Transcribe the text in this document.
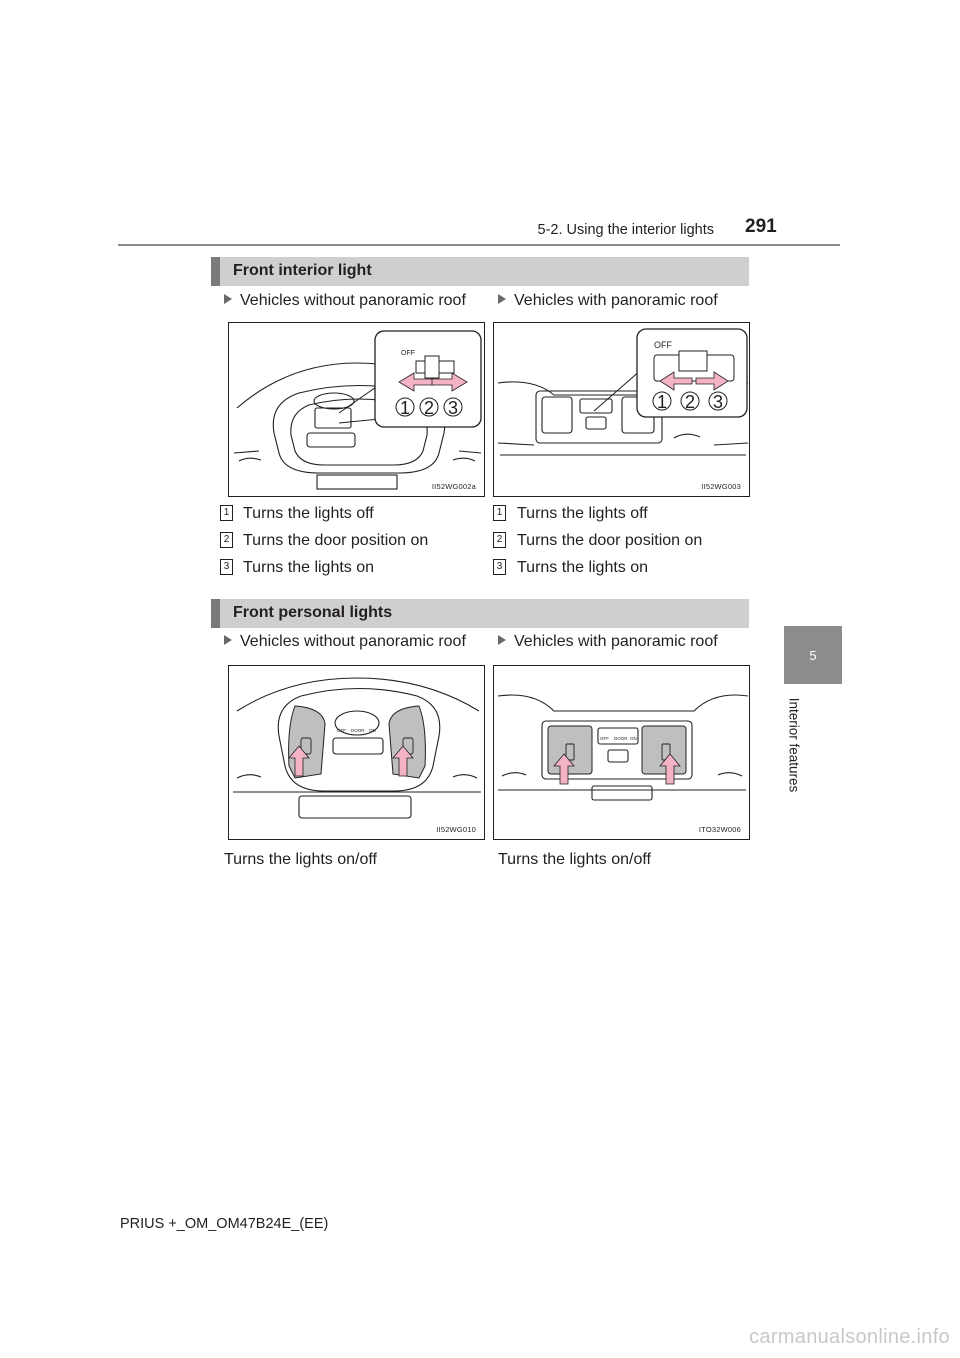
5-2. Using the interior lights 291
5
Interior features
Front interior light
Vehicles without panoramic roof	Vehicles with panoramic roof
OFF
1 2 3
II52WG002a
OFF
1 2 3
II52WG003
1 Turns the lights off
2 Turns the door position on
3 Turns the lights on
1 Turns the lights off
2 Turns the door position on
3 Turns the lights on
Front personal lights
Vehicles without panoramic roof	Vehicles with panoramic roof
OFF DOOR ON
II52WG010
OFF DOOR ON
ITO32W006
Turns the lights on/off	Turns the lights on/off
PRIUS +_OM_OM47B24E_(EE)
carmanualsonline.info
